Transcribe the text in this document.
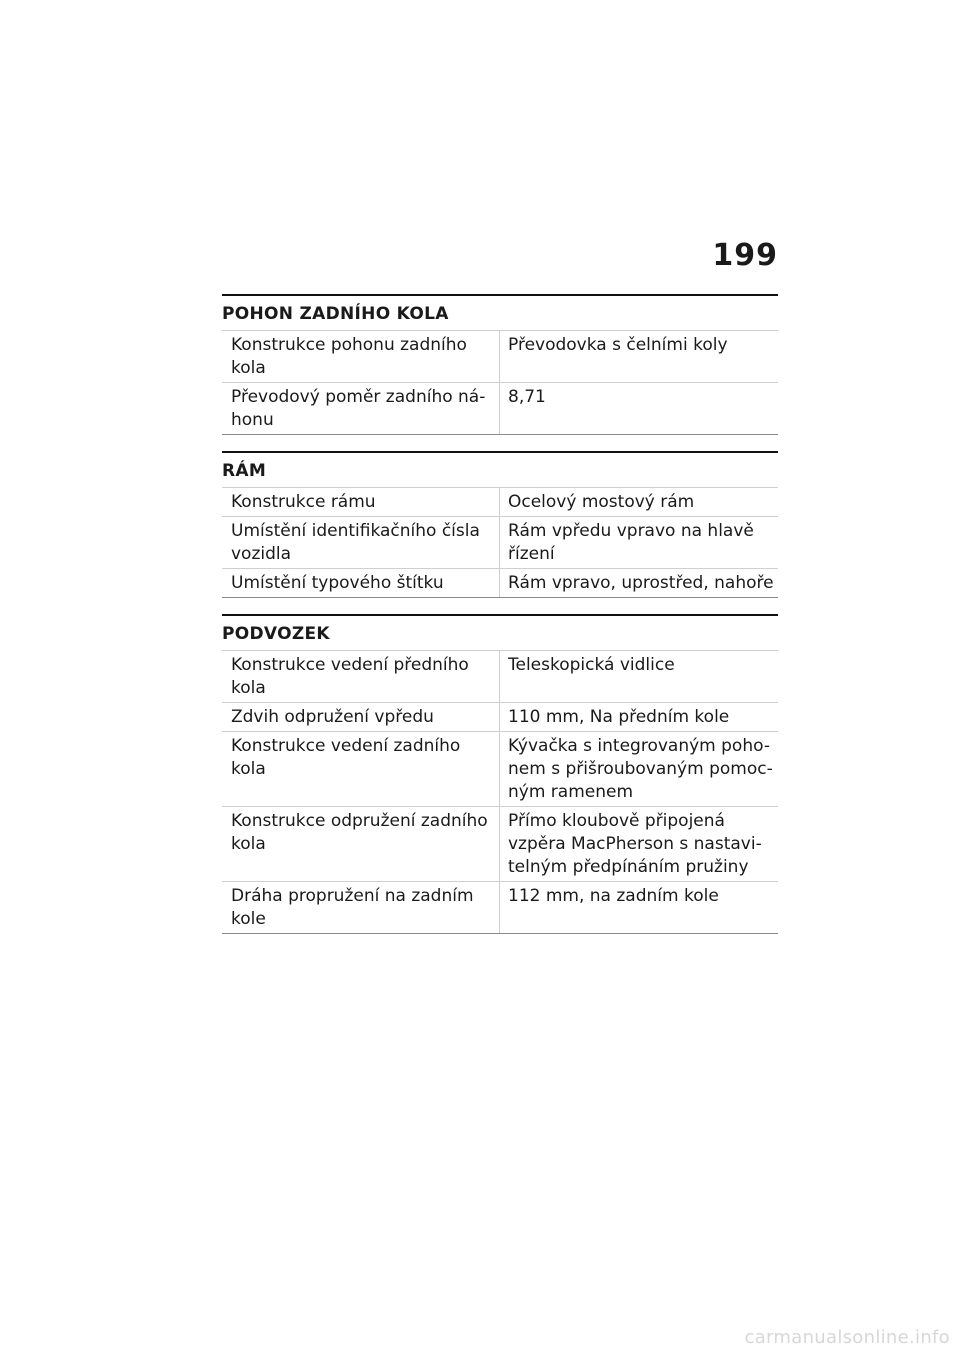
199
POHON ZADNÍHO KOLA
Konstrukce pohonu zadního kola	Převodovka s čelními koly
Převodový poměr zadního ná-honu	8,71
RÁM
Konstrukce rámu	Ocelový mostový rám
Umístění identifikačního čísla vozidla	Rám vpředu vpravo na hlavě řízení
Umístění typového štítku	Rám vpravo, uprostřed, nahoře
PODVOZEK
Konstrukce vedení předního kola	Teleskopická vidlice
Zdvih odpružení vpředu	110 mm, Na předním kole
Konstrukce vedení zadního kola	Kývačka s integrovaným poho-nem s přišroubovaným pomoc-ným ramenem
Konstrukce odpružení zadního kola	Přímo kloubově připojená vzpěra MacPherson s nastavi-telným předpínáním pružiny
Dráha propružení na zadním kole	112 mm, na zadním kole
carmanualsonline.info
